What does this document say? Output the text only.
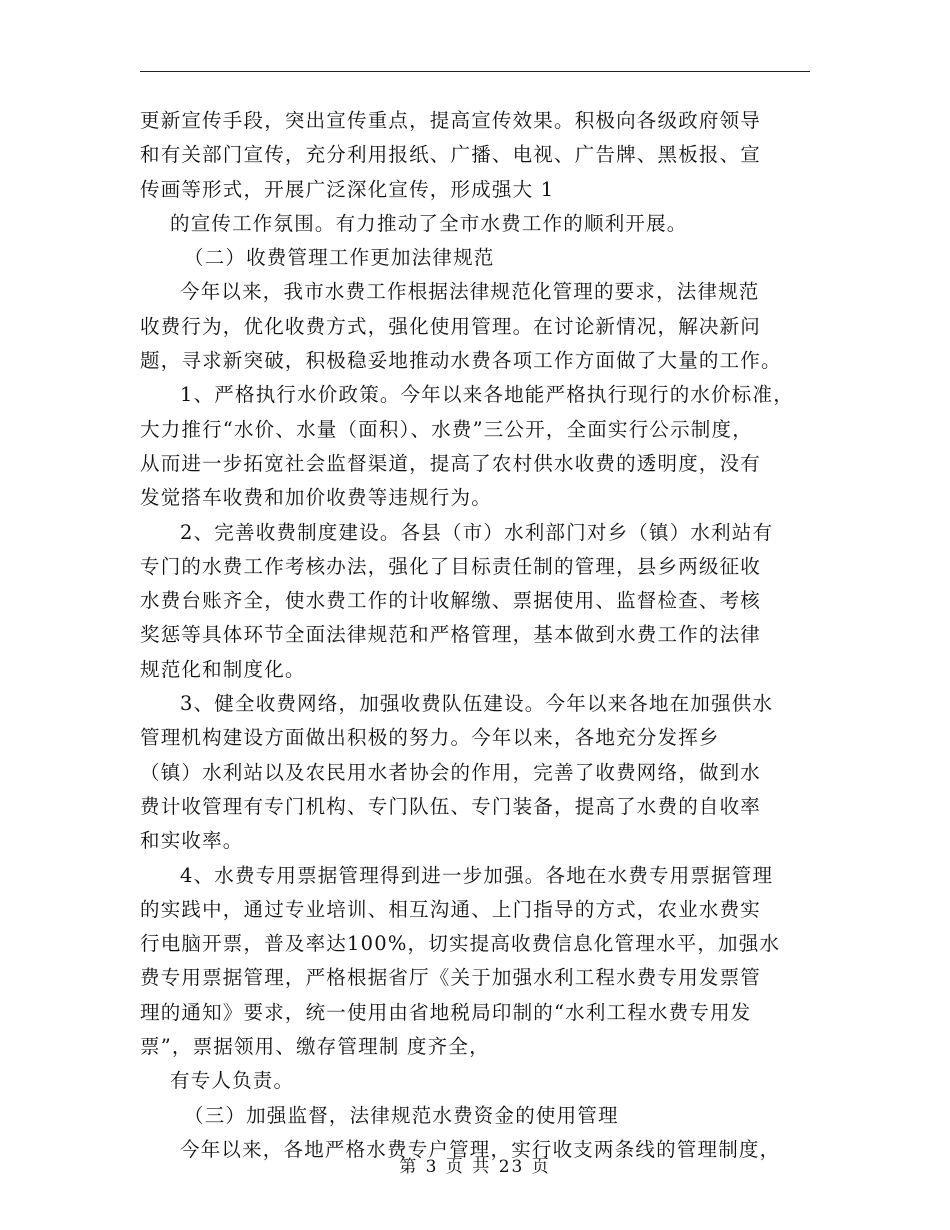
更新宣传手段，突出宣传重点，提高宣传效果。积极向各级政府领导
和有关部门宣传，充分利用报纸、广播、电视、广告牌、黑板报、宣
传画等形式，开展广泛深化宣传，形成强大 1
的宣传工作氛围。有力推动了全市水费工作的顺利开展。
（二）收费管理工作更加法律规范
今年以来，我市水费工作根据法律规范化管理的要求，法律规范
收费行为，优化收费方式，强化使用管理。在讨论新情况，解决新问
题，寻求新突破，积极稳妥地推动水费各项工作方面做了大量的工作。
1、严格执行水价政策。今年以来各地能严格执行现行的水价标准，
大力推行“水价、水量（面积）、水费”三公开，全面实行公示制度，
从而进一步拓宽社会监督渠道，提高了农村供水收费的透明度，没有
发觉搭车收费和加价收费等违规行为。
2、完善收费制度建设。各县（市）水利部门对乡（镇）水利站有
专门的水费工作考核办法，强化了目标责任制的管理，县乡两级征收
水费台账齐全，使水费工作的计收解缴、票据使用、监督检查、考核
奖惩等具体环节全面法律规范和严格管理，基本做到水费工作的法律
规范化和制度化。
3、健全收费网络，加强收费队伍建设。今年以来各地在加强供水
管理机构建设方面做出积极的努力。今年以来，各地充分发挥乡
（镇）水利站以及农民用水者协会的作用，完善了收费网络，做到水
费计收管理有专门机构、专门队伍、专门装备，提高了水费的自收率
和实收率。
4、水费专用票据管理得到进一步加强。各地在水费专用票据管理
的实践中，通过专业培训、相互沟通、上门指导的方式，农业水费实
行电脑开票，普及率达100%，切实提高收费信息化管理水平，加强水
费专用票据管理，严格根据省厅《关于加强水利工程水费专用发票管
理的通知》要求，统一使用由省地税局印制的“水利工程水费专用发
票”，票据领用、缴存管理制 度齐全，
有专人负责。
（三）加强监督，法律规范水费资金的使用管理
今年以来，各地严格水费专户管理，实行收支两条线的管理制度，
第 3 页 共 23 页
